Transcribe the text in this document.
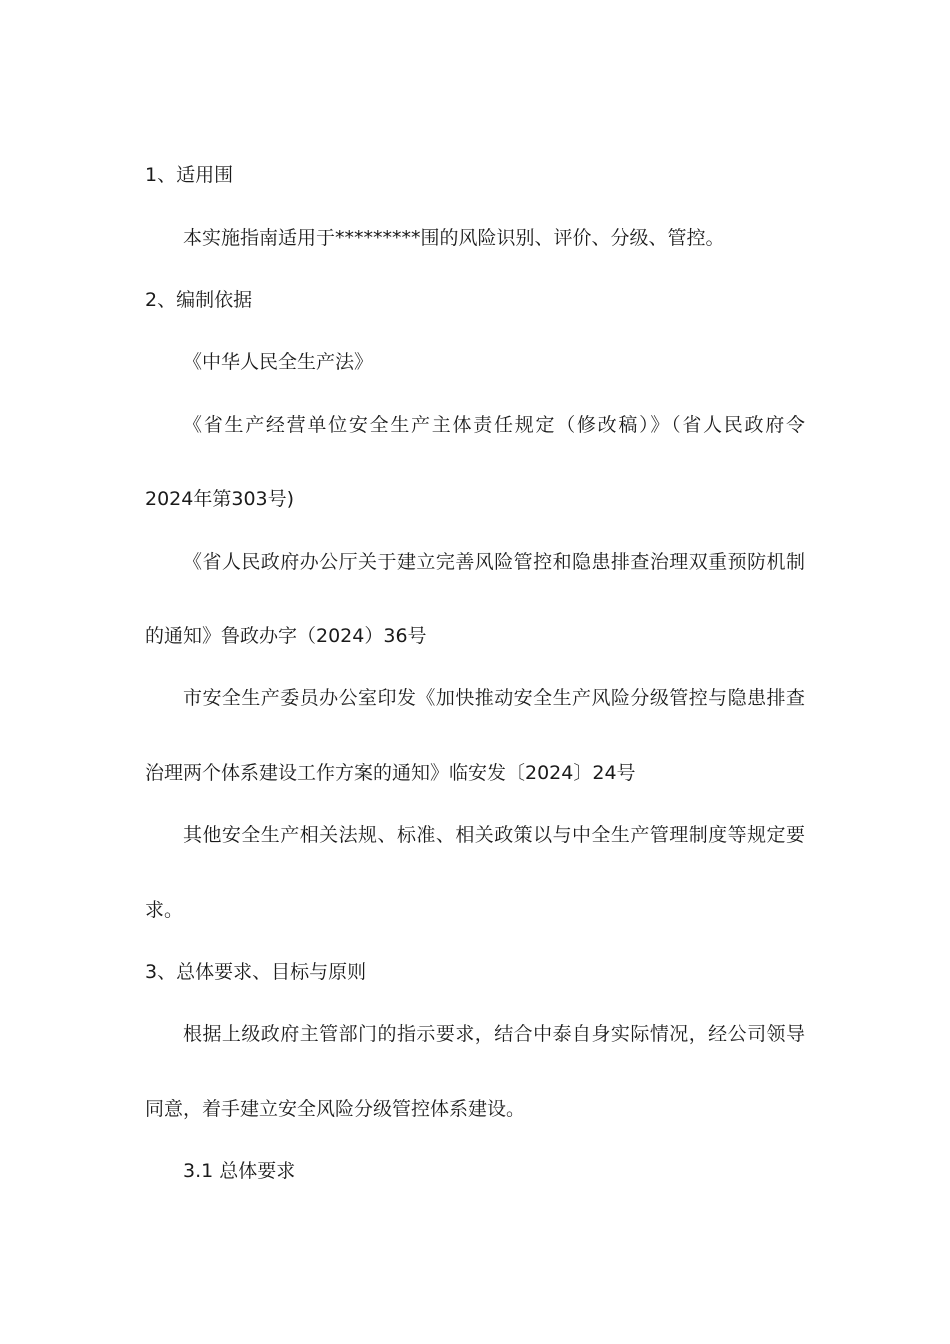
1、适用围
本实施指南适用于*********围的风险识别、评价、分级、管控。
2、编制依据
《中华人民全生产法》
《省生产经营单位安全生产主体责任规定（修改稿）》（省人民政府令
2024年第303号)
《省人民政府办公厅关于建立完善风险管控和隐患排查治理双重预防机制
的通知》鲁政办字（2024）36号
市安全生产委员办公室印发《加快推动安全生产风险分级管控与隐患排查
治理两个体系建设工作方案的通知》临安发〔2024〕24号
其他安全生产相关法规、标准、相关政策以与中全生产管理制度等规定要
求。
3、总体要求、目标与原则
根据上级政府主管部门的指示要求，结合中泰自身实际情况，经公司领导
同意，着手建立安全风险分级管控体系建设。
3.1 总体要求
